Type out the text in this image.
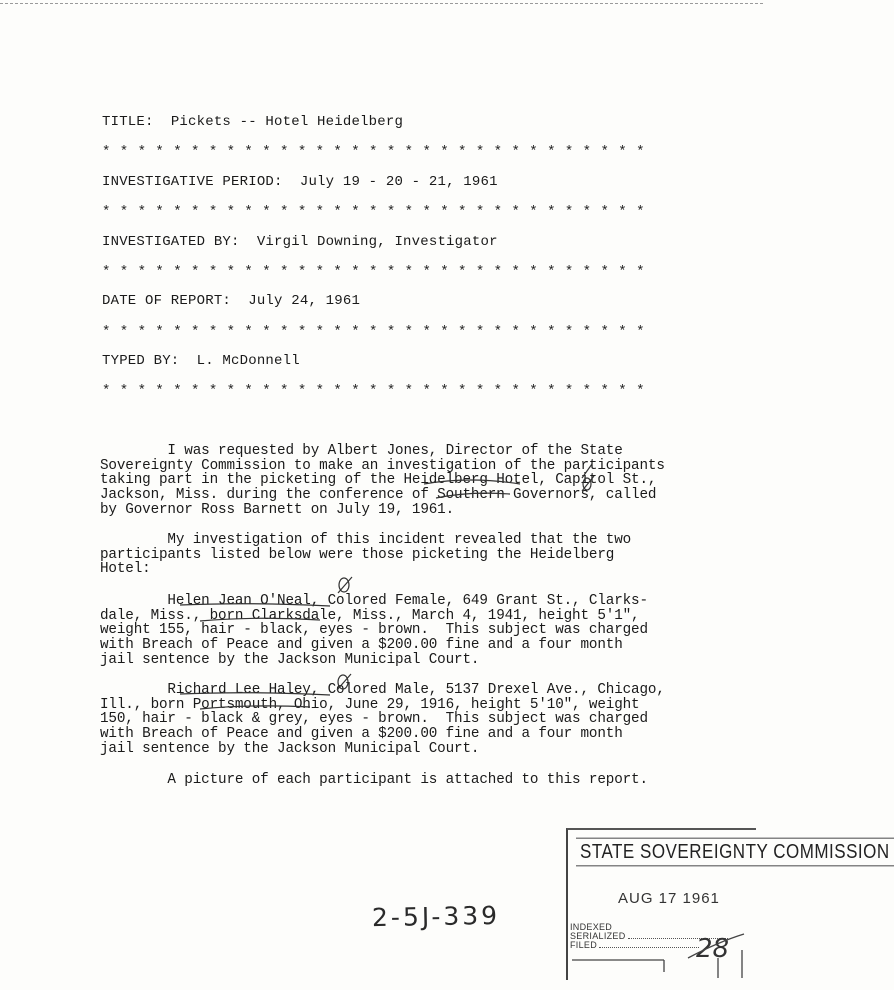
TITLE: Pickets -- Hotel Heidelberg
* * * * * * * * * * * * * * * * * * * * * * * * * * * * * * *
INVESTIGATIVE PERIOD: July 19 - 20 - 21, 1961
* * * * * * * * * * * * * * * * * * * * * * * * * * * * * * *
INVESTIGATED BY: Virgil Downing, Investigator
* * * * * * * * * * * * * * * * * * * * * * * * * * * * * * *
DATE OF REPORT: July 24, 1961
* * * * * * * * * * * * * * * * * * * * * * * * * * * * * * *
TYPED BY: L. McDonnell
* * * * * * * * * * * * * * * * * * * * * * * * * * * * * * *
I was requested by Albert Jones, Director of the State
Sovereignty Commission to make an investigation of the participants
taking part in the picketing of the Heidelberg Hotel, Capitol St.,
Jackson, Miss. during the conference of Southern Governors, called
by Governor Ross Barnett on July 19, 1961.
My investigation of this incident revealed that the two
participants listed below were those picketing the Heidelberg
Hotel:
Helen Jean O'Neal, Colored Female, 649 Grant St., Clarks-
dale, Miss., born Clarksdale, Miss., March 4, 1941, height 5'1",
weight 155, hair - black, eyes - brown.  This subject was charged
with Breach of Peace and given a $200.00 fine and a four month
jail sentence by the Jackson Municipal Court.
Richard Lee Haley, Colored Male, 5137 Drexel Ave., Chicago,
Ill., born Portsmouth, Ohio, June 29, 1916, height 5'10", weight
150, hair - black & grey, eyes - brown.  This subject was charged
with Breach of Peace and given a $200.00 fine and a four month
jail sentence by the Jackson Municipal Court.
A picture of each participant is attached to this report.
2-5J-339
STATE SOVEREIGNTY COMMISSION
AUG 17 1961
INDEXED
SERIALIZED
FILED	28
